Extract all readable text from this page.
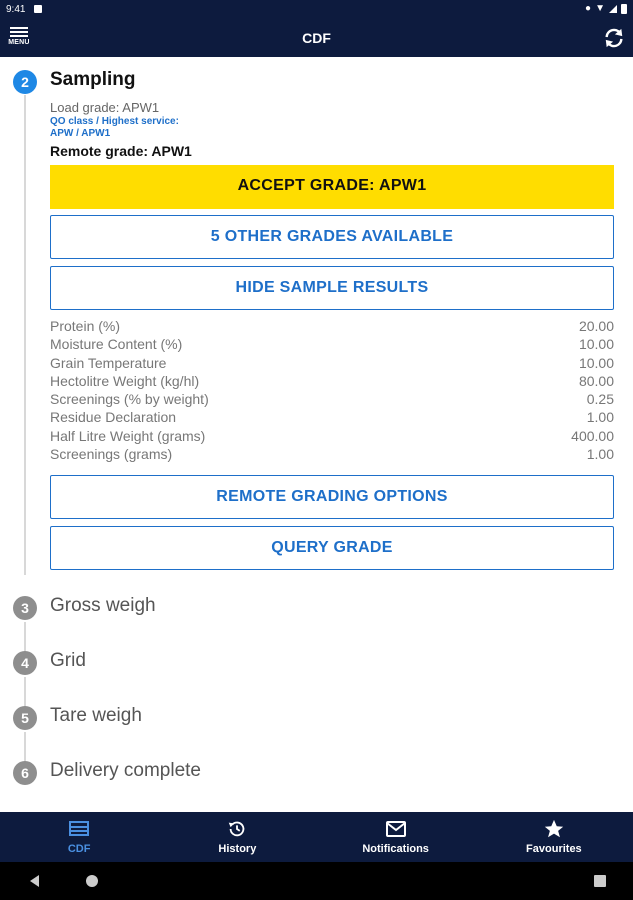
9:41	● ▼
MENU	CDF
2	Sampling
Load grade: APW1
QO class / Highest service:
APW / APW1
Remote grade: APW1
ACCEPT GRADE: APW1
5 OTHER GRADES AVAILABLE
HIDE SAMPLE RESULTS
Protein (%)	20.00
Moisture Content (%)	10.00
Grain Temperature	10.00
Hectolitre Weight (kg/hl)	80.00
Screenings (% by weight)	0.25
Residue Declaration	1.00
Half Litre Weight (grams)	400.00
Screenings (grams)	1.00
REMOTE GRADING OPTIONS
QUERY GRADE
3	Gross weigh
4	Grid
5	Tare weigh
6	Delivery complete
CDF	History	Notifications	Favourites
